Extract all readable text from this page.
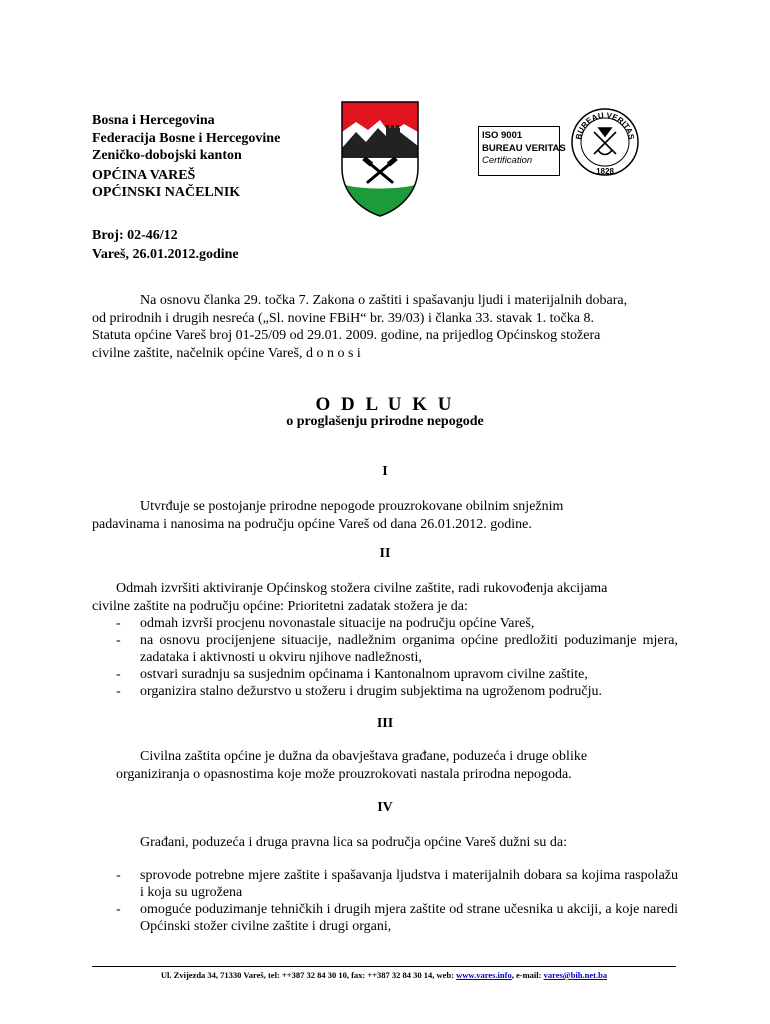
Bosna i Hercegovina
Federacija Bosne i Hercegovine
Zeničko-dobojski kanton
OPĆINA VAREŠ
OPĆINSKI NAČELNIK
ISO 9001
BUREAU VERITAS
Certification
BUREAU VERITAS
1828
Broj: 02-46/12
Vareš, 26.01.2012.godine
Na osnovu članka 29. točka 7. Zakona o zaštiti i spašavanju ljudi i materijalnih dobara,
od prirodnih i drugih nesreća („Sl. novine FBiH“ br. 39/03) i članka 33. stavak 1. točka 8.
Statuta općine Vareš broj 01-25/09 od 29.01. 2009. godine, na prijedlog Općinskog stožera
civilne zaštite, načelnik općine Vareš, d o n o s i
O D L U K U
o proglašenju prirodne nepogode
I
Utvrđuje se postojanje prirodne nepogode prouzrokovane obilnim snježnim
padavinama i nanosima na području općine Vareš od dana 26.01.2012. godine.
II
Odmah izvršiti aktiviranje Općinskog stožera civilne zaštite, radi rukovođenja akcijama
civilne zaštite na području općine: Prioritetni zadatak stožera je da:
- odmah izvrši procjenu novonastale situacije na području općine Vareš,
- na osnovu procijenjene situacije, nadležnim organima općine predložiti poduzimanje mjera, zadataka i aktivnosti u okviru njihove nadležnosti,
- ostvari suradnju sa susjednim općinama i Kantonalnom upravom civilne zaštite,
- organizira stalno dežurstvo u stožeru i drugim subjektima na ugroženom području.
III
Civilna zaštita općine je dužna da obavještava građane, poduzeća i druge oblike
organiziranja o opasnostima koje može prouzrokovati nastala prirodna nepogoda.
IV
Građani, poduzeća i druga pravna lica sa područja općine Vareš dužni su da:
- sprovode potrebne mjere zaštite i spašavanja ljudstva i materijalnih dobara sa kojima raspolažu i koja su ugrožena
- omoguće poduzimanje tehničkih i drugih mjera zaštite od strane učesnika u akciji, a koje naredi Općinski stožer civilne zaštite i drugi organi,
Ul. Zvijezda 34, 71330 Vareš, tel: ++387 32 84 30 10, fax: ++387 32 84 30 14, web: www.vares.info, e-mail: vares@bih.net.ba
